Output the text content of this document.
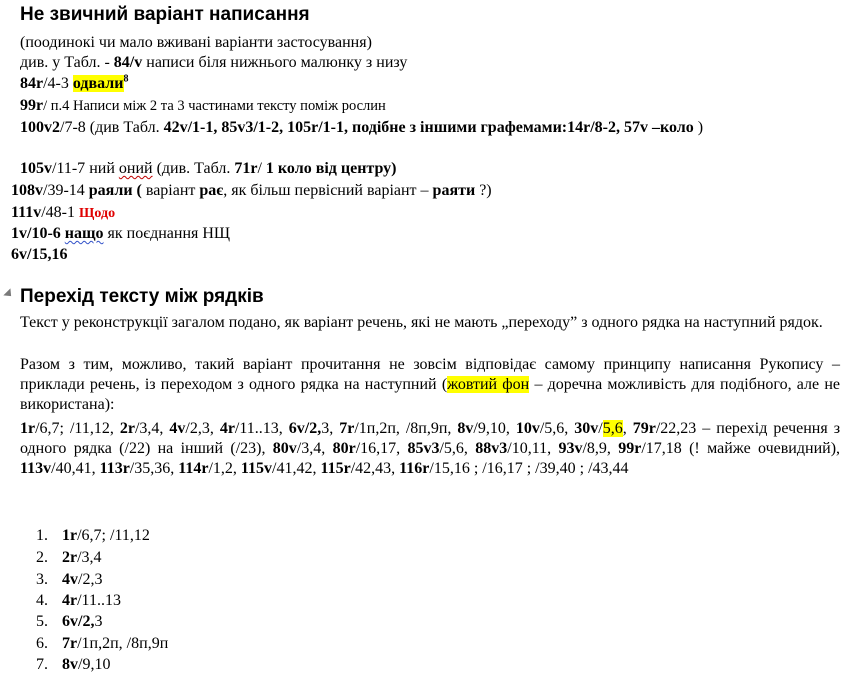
Не звичний варіант написання
(поодинокі чи мало вживані варіанти застосування)
див. у Табл. - 84/v написи біля нижнього малюнку з низу
84r/4-3 одвали$^8$
99r/ п.4 Написи між 2 та 3 частинами тексту поміж рослин
100v2/7-8 (див Табл. 42v/1-1, 85v3/1-2, 105r/1-1, подібне з іншими графемами:14r/8-2, 57v –коло )
105v/11-7 ний оний (див. Табл. 71r/ 1 коло від центру)
108v/39-14 раяли ( варіант рає, як більш первісний варіант – раяти ?)
111v/48-1 Щодо
1v/10-6 нащо як поєднання НЩ
6v/15,16
Перехід тексту між рядків
Текст у реконструкції загалом подано, як варіант речень, які не мають „переходу” з одного рядка на наступний рядок.
Разом з тим, можливо, такий варіант прочитання не зовсім відповідає самому принципу написання Рукопису – приклади речень, із переходом з одного рядка на наступний (жовтий фон – доречна можливість для подібного, але не використана):
1r/6,7; /11,12, 2r/3,4, 4v/2,3, 4r/11..13, 6v/2,3, 7r/1п,2п, /8п,9п, 8v/9,10, 10v/5,6, 30v/5,6, 79r/22,23 – перехід речення з одного рядка (/22) на інший (/23), 80v/3,4, 80r/16,17, 85v3/5,6, 88v3/10,11, 93v/8,9, 99r/17,18 (! майже очевидний), 113v/40,41, 113r/35,36, 114r/1,2, 115v/41,42, 115r/42,43, 116r/15,16 ; /16,17 ; /39,40 ; /43,44
1. 1r/6,7; /11,12
2. 2r/3,4
3. 4v/2,3
4. 4r/11..13
5. 6v/2,3
6. 7r/1п,2п, /8п,9п
7. 8v/9,10
